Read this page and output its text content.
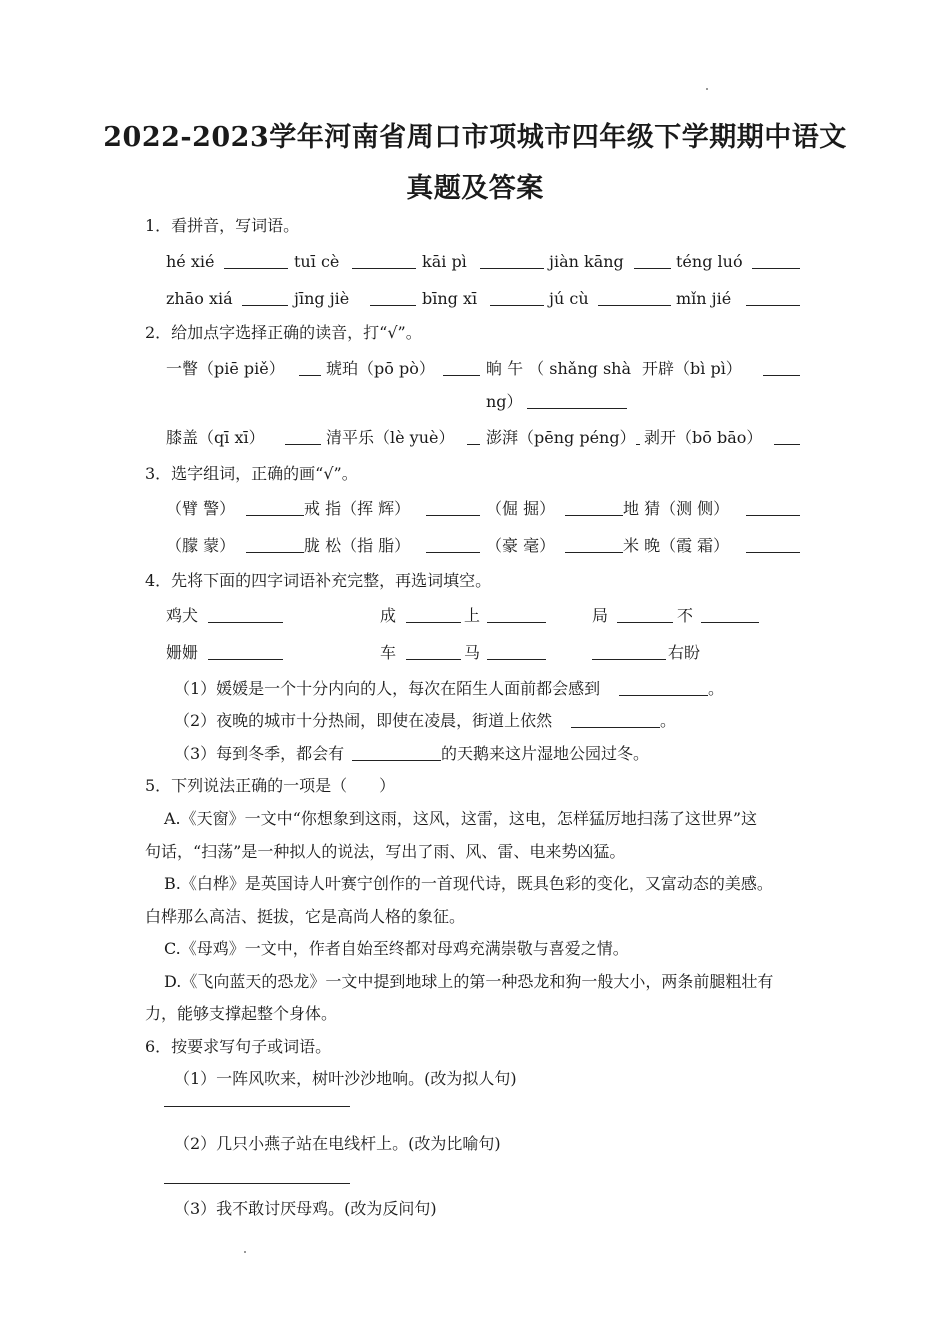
2022-2023学年河南省周口市项城市四年级下学期期中语文
真题及答案
1．看拼音，写词语。
hé xié	tuī cè	kāi pì	jiàn kāng	téng luó
zhāo xiá	jīng jiè	bīng xī	jú cù	mǐn jié
2．给加点字选择正确的读音，打“√”。
一瞥（piē piě）	琥珀（pō pò）	晌 午 （ shǎng shà 开辟（bì pì）
ng）
膝盖（qī xī）	清平乐（lè yuè） 澎湃（pēng péng） 剥开（bō bāo）
3．选字组词，正确的画“√”。
（臂 警）	戒 指（挥 辉）	（倔 掘）	地 猜（测 侧）
（朦 蒙）	胧 松（指 脂）	（豪 毫）	米 晚（霞 霜）
4．先将下面的四字词语补充完整，再选词填空。
鸡犬	成	上	局	不
姗姗	车	马	右盼
（1）媛媛是一个十分内向的人，每次在陌生人面前都会感到	。
（2）夜晚的城市十分热闹，即使在凌晨，街道上依然	。
（3）每到冬季，都会有	的天鹅来这片湿地公园过冬。
5．下列说法正确的一项是（　　）
A.《天窗》一文中“你想象到这雨，这风，这雷，这电，怎样猛厉地扫荡了这世界”这
句话，“扫荡”是一种拟人的说法，写出了雨、风、雷、电来势凶猛。
B.《白桦》是英国诗人叶赛宁创作的一首现代诗，既具色彩的变化，又富动态的美感。
白桦那么高洁、挺拔，它是高尚人格的象征。
C.《母鸡》一文中，作者自始至终都对母鸡充满崇敬与喜爱之情。
D.《飞向蓝天的恐龙》一文中提到地球上的第一种恐龙和狗一般大小，两条前腿粗壮有
力，能够支撑起整个身体。
6．按要求写句子或词语。
（1）一阵风吹来，树叶沙沙地响。(改为拟人句)
（2）几只小燕子站在电线杆上。(改为比喻句)
（3）我不敢讨厌母鸡。(改为反问句)
